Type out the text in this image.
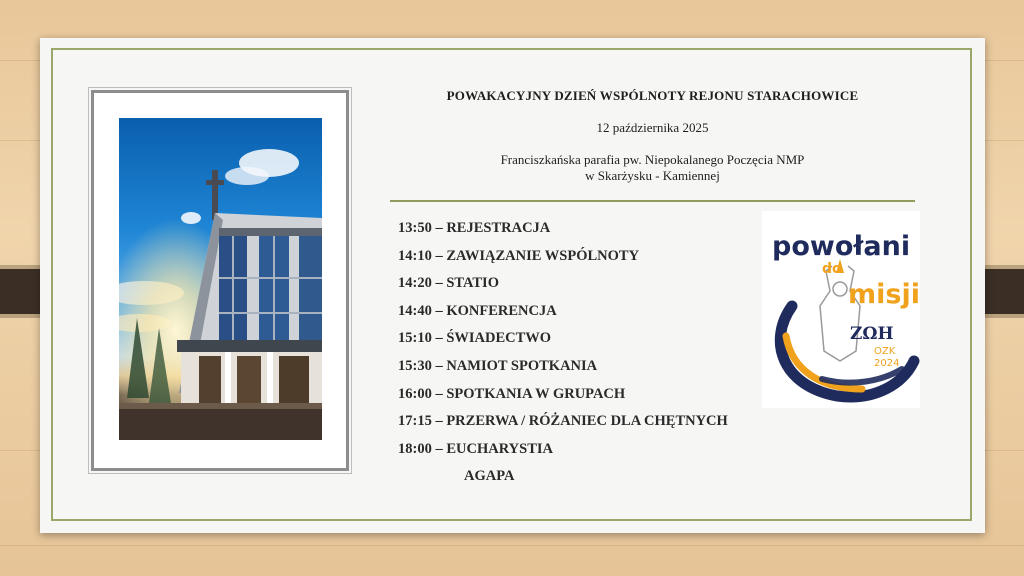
POWAKACYJNY DZIEŃ WSPÓLNOTY REJONU STARACHOWICE
12 października 2025
Franciszkańska parafia pw. Niepokalanego Poczęcia NMP
w Skarżysku - Kamiennej
13:50 – REJESTRACJA
14:10 – ZAWIĄZANIE WSPÓLNOTY
14:20 – STATIO
14:40 – KONFERENCJA
15:10 – ŚWIADECTWO
15:30 – NAMIOT SPOTKANIA
16:00 – SPOTKANIA W GRUPACH
17:15 – PRZERWA / RÓŻANIEC DLA CHĘTNYCH
18:00 – EUCHARYSTIA
AGAPA
powołani
do
misji
ΖΩΗ
OZK
2024
